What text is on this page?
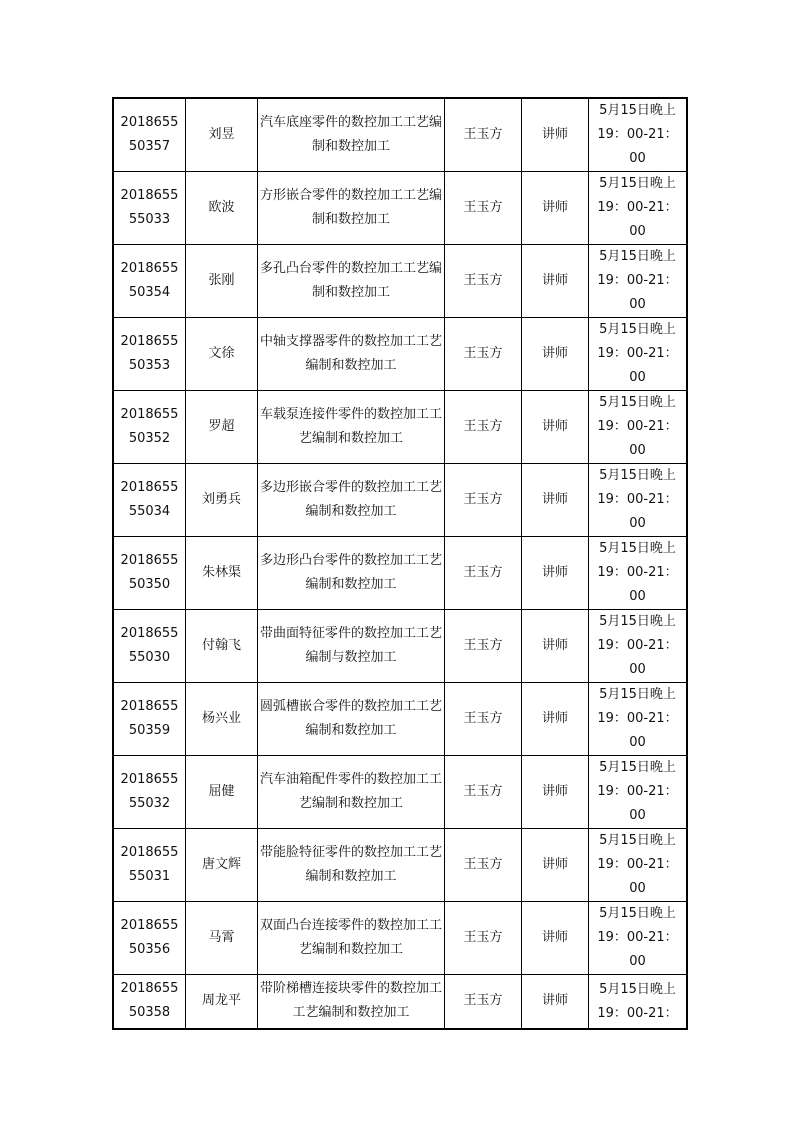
2018655
50357	刘昱	汽车底座零件的数控加工工艺编制和数控加工	王玉方	讲师	5月15日晚上
19：00-21：
00

2018655
55033	欧波	方形嵌合零件的数控加工工艺编制和数控加工	王玉方	讲师	5月15日晚上
19：00-21：
00

2018655
50354	张刚	多孔凸台零件的数控加工工艺编制和数控加工	王玉方	讲师	5月15日晚上
19：00-21：
00

2018655
50353	文徐	中轴支撑器零件的数控加工工艺编制和数控加工	王玉方	讲师	5月15日晚上
19：00-21：
00

2018655
50352	罗超	车载泵连接件零件的数控加工工艺编制和数控加工	王玉方	讲师	5月15日晚上
19：00-21：
00

2018655
55034	刘勇兵	多边形嵌合零件的数控加工工艺编制和数控加工	王玉方	讲师	5月15日晚上
19：00-21：
00

2018655
50350	朱林渠	多边形凸台零件的数控加工工艺编制和数控加工	王玉方	讲师	5月15日晚上
19：00-21：
00

2018655
55030	付翰飞	带曲面特征零件的数控加工工艺编制与数控加工	王玉方	讲师	5月15日晚上
19：00-21：
00

2018655
50359	杨兴业	圆弧槽嵌合零件的数控加工工艺编制和数控加工	王玉方	讲师	5月15日晚上
19：00-21：
00

2018655
55032	屈健	汽车油箱配件零件的数控加工工艺编制和数控加工	王玉方	讲师	5月15日晚上
19：00-21：
00

2018655
55031	唐文辉	带能脸特征零件的数控加工工艺编制和数控加工	王玉方	讲师	5月15日晚上
19：00-21：
00

2018655
50356	马霄	双面凸台连接零件的数控加工工艺编制和数控加工	王玉方	讲师	5月15日晚上
19：00-21：
00

2018655
50358	周龙平	带阶梯槽连接块零件的数控加工工艺编制和数控加工	王玉方	讲师	5月15日晚上
19：00-21：
